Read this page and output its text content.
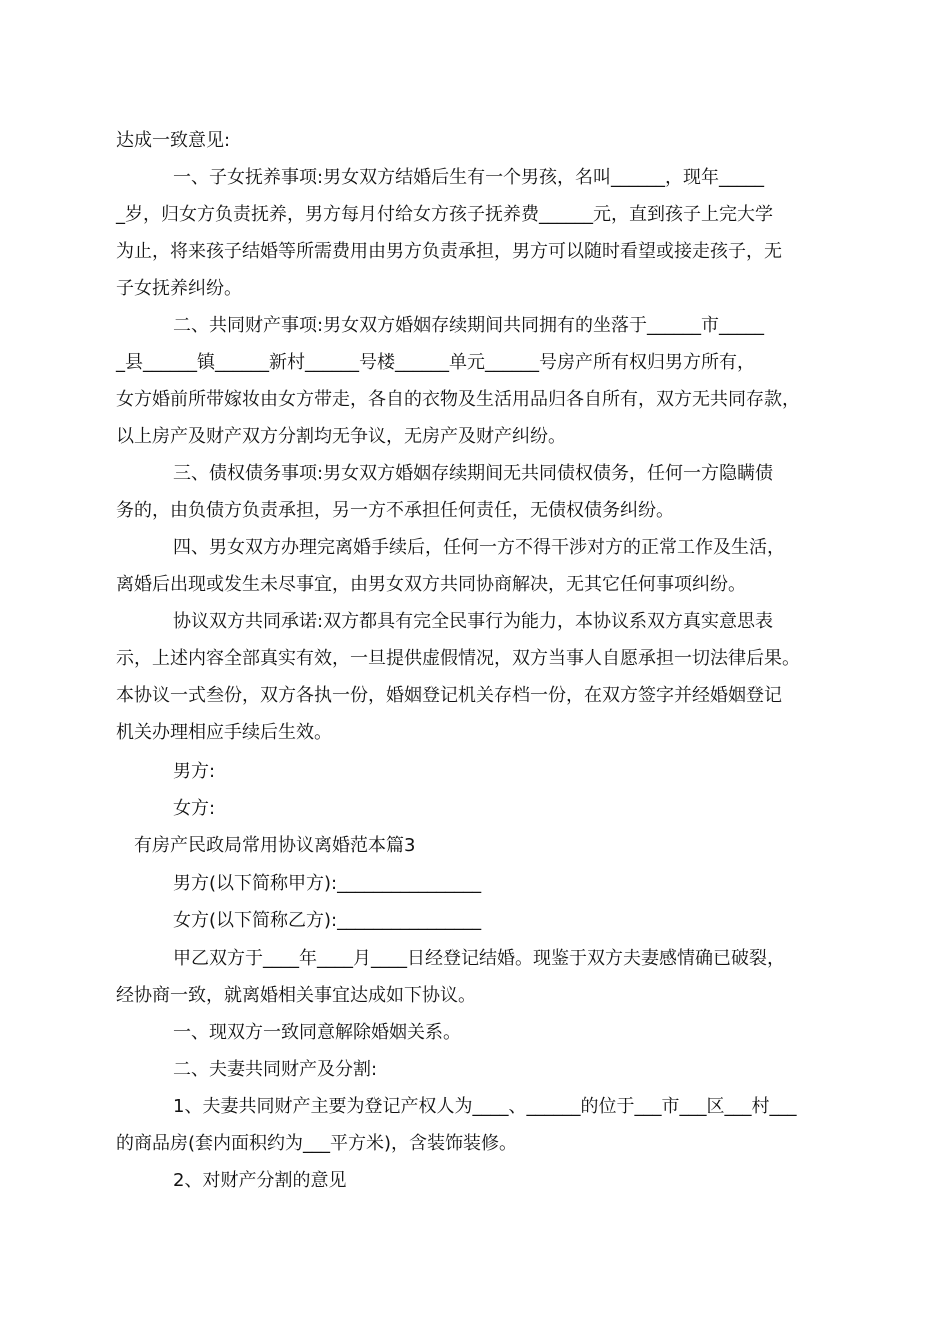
达成一致意见:
一、子女抚养事项:男女双方结婚后生有一个男孩，名叫______，现年_____
_岁，归女方负责抚养，男方每月付给女方孩子抚养费______元，直到孩子上完大学
为止，将来孩子结婚等所需费用由男方负责承担，男方可以随时看望或接走孩子，无
子女抚养纠纷。
二、共同财产事项:男女双方婚姻存续期间共同拥有的坐落于______市_____
_县______镇______新村______号楼______单元______号房产所有权归男方所有，
女方婚前所带嫁妆由女方带走，各自的衣物及生活用品归各自所有，双方无共同存款，
以上房产及财产双方分割均无争议，无房产及财产纠纷。
三、债权债务事项:男女双方婚姻存续期间无共同债权债务，任何一方隐瞒债
务的，由负债方负责承担，另一方不承担任何责任，无债权债务纠纷。
四、男女双方办理完离婚手续后，任何一方不得干涉对方的正常工作及生活，
离婚后出现或发生未尽事宜，由男女双方共同协商解决，无其它任何事项纠纷。
协议双方共同承诺:双方都具有完全民事行为能力，本协议系双方真实意思表
示，上述内容全部真实有效，一旦提供虚假情况，双方当事人自愿承担一切法律后果。
本协议一式叁份，双方各执一份，婚姻登记机关存档一份，在双方签字并经婚姻登记
机关办理相应手续后生效。
男方:
女方:
有房产民政局常用协议离婚范本篇3
男方(以下简称甲方):________________
女方(以下简称乙方):________________
甲乙双方于____年____月____日经登记结婚。现鉴于双方夫妻感情确已破裂，
经协商一致，就离婚相关事宜达成如下协议。
一、现双方一致同意解除婚姻关系。
二、夫妻共同财产及分割:
1、夫妻共同财产主要为登记产权人为____、______的位于___市___区___村___
的商品房(套内面积约为___平方米)，含装饰装修。
2、对财产分割的意见
